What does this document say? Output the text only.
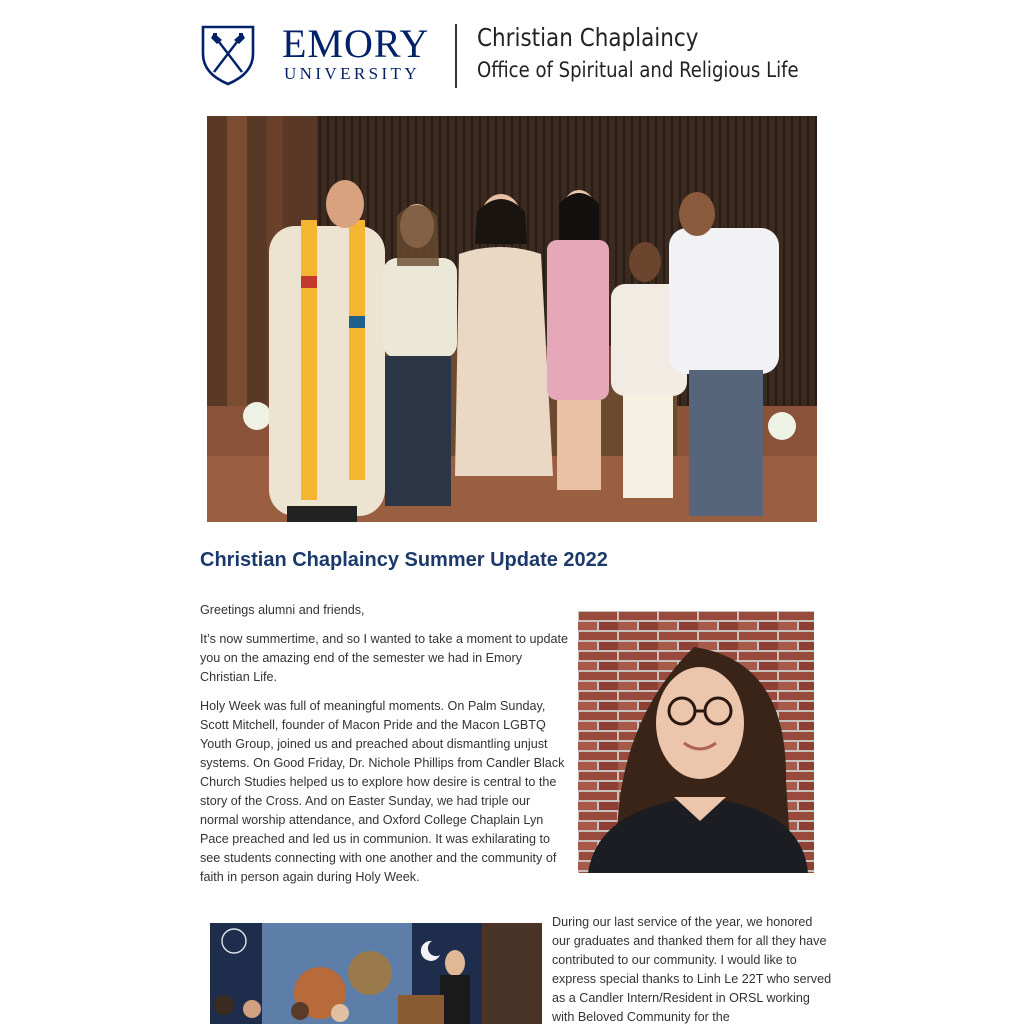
EMORY
UNIVERSITY
Christian Chaplaincy
Office of Spiritual and Religious Life
Christian Chaplaincy Summer Update 2022

Greetings alumni and friends,

It’s now summertime, and so I wanted to take a moment to update you on the amazing end of the semester we had in Emory Christian Life.

Holy Week was full of meaningful moments. On Palm Sunday, Scott Mitchell, founder of Macon Pride and the Macon LGBTQ Youth Group, joined us and preached about dismantling unjust systems. On Good Friday, Dr. Nichole Phillips from Candler Black Church Studies helped us to explore how desire is central to the story of the Cross. And on Easter Sunday, we had triple our normal worship attendance, and Oxford College Chaplain Lyn Pace preached and led us in communion. It was exhilarating to see students connecting with one another and the community of faith in person again during Holy Week.

During our last service of the year, we honored our graduates and thanked them for all they have contributed to our community. I would like to express special thanks to Linh Le 22T who served as a Candler Intern/Resident in ORSL working with Beloved Community for the
